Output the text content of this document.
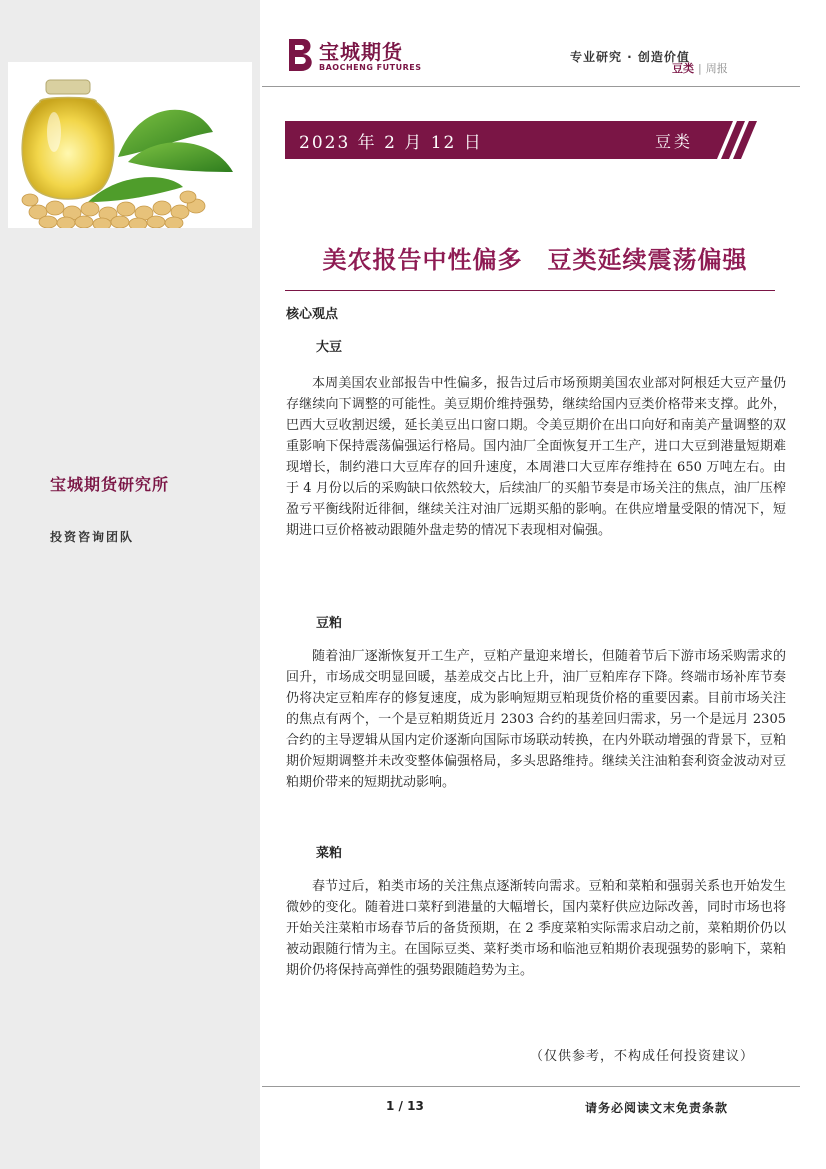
宝城期货研究所
投资咨询团队
宝城期货
BAOCHENG FUTURES
专业研究 · 创造价值
豆类 | 周报
2023 年 2 月 12 日	豆类
美农报告中性偏多　豆类延续震荡偏强
核心观点
大豆
本周美国农业部报告中性偏多，报告过后市场预期美国农业部对阿根廷大豆产量仍存继续向下调整的可能性。美豆期价维持强势，继续给国内豆类价格带来支撑。此外，巴西大豆收割迟缓，延长美豆出口窗口期。令美豆期价在出口向好和南美产量调整的双重影响下保持震荡偏强运行格局。国内油厂全面恢复开工生产，进口大豆到港量短期难现增长，制约港口大豆库存的回升速度，本周港口大豆库存维持在 650 万吨左右。由于 4 月份以后的采购缺口依然较大，后续油厂的买船节奏是市场关注的焦点，油厂压榨盈亏平衡线附近徘徊，继续关注对油厂远期买船的影响。在供应增量受限的情况下，短期进口豆价格被动跟随外盘走势的情况下表现相对偏强。
豆粕
随着油厂逐渐恢复开工生产，豆粕产量迎来增长，但随着节后下游市场采购需求的回升，市场成交明显回暖，基差成交占比上升，油厂豆粕库存下降。终端市场补库节奏仍将决定豆粕库存的修复速度，成为影响短期豆粕现货价格的重要因素。目前市场关注的焦点有两个，一个是豆粕期货近月 2303 合约的基差回归需求，另一个是远月 2305 合约的主导逻辑从国内定价逐渐向国际市场联动转换，在内外联动增强的背景下，豆粕期价短期调整并未改变整体偏强格局，多头思路维持。继续关注油粕套利资金波动对豆粕期价带来的短期扰动影响。
菜粕
春节过后，粕类市场的关注焦点逐渐转向需求。豆粕和菜粕和强弱关系也开始发生微妙的变化。随着进口菜籽到港量的大幅增长，国内菜籽供应边际改善，同时市场也将开始关注菜粕市场春节后的备货预期，在 2 季度菜粕实际需求启动之前，菜粕期价仍以被动跟随行情为主。在国际豆类、菜籽类市场和临池豆粕期价表现强势的影响下，菜粕期价仍将保持高弹性的强势跟随趋势为主。
（仅供参考，不构成任何投资建议）
1 / 13	请务必阅读文末免责条款
